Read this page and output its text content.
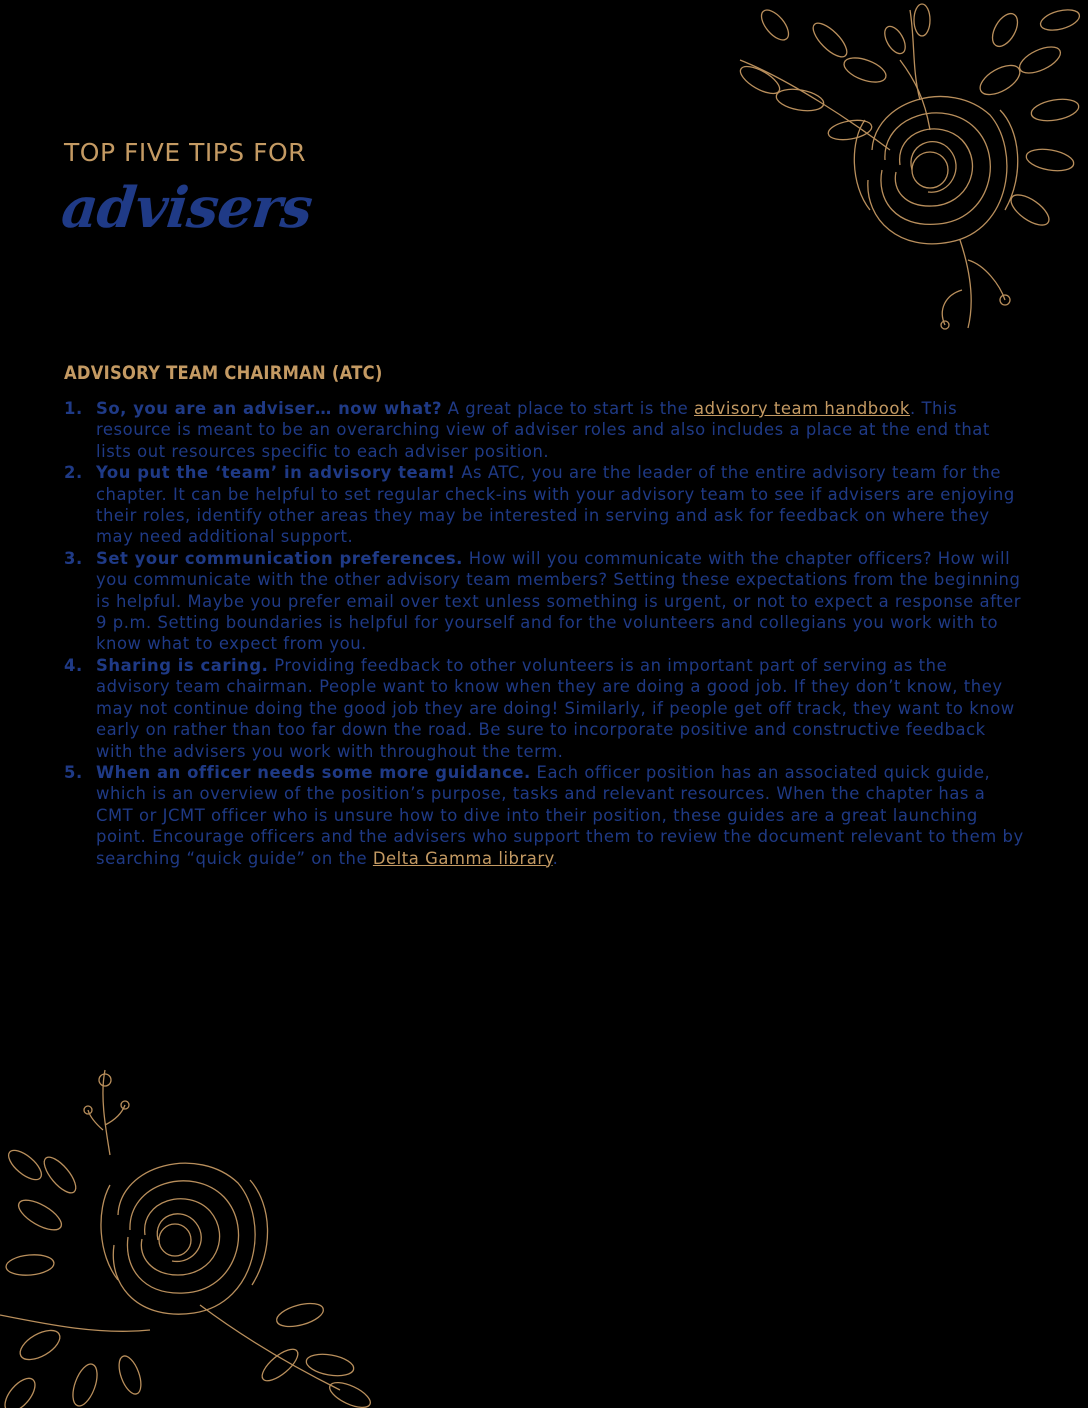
TOP FIVE TIPS FOR
advisers
ADVISORY TEAM CHAIRMAN (ATC)
1. So, you are an adviser… now what? A great place to start is the advisory team handbook. This resource is meant to be an overarching view of adviser roles and also includes a place at the end that lists out resources specific to each adviser position.
2. You put the ‘team’ in advisory team! As ATC, you are the leader of the entire advisory team for the chapter. It can be helpful to set regular check-ins with your advisory team to see if advisers are enjoying their roles, identify other areas they may be interested in serving and ask for feedback on where they may need additional support.
3. Set your communication preferences. How will you communicate with the chapter officers? How will you communicate with the other advisory team members? Setting these expectations from the beginning is helpful. Maybe you prefer email over text unless something is urgent, or not to expect a response after 9 p.m. Setting boundaries is helpful for yourself and for the volunteers and collegians you work with to know what to expect from you.
4. Sharing is caring. Providing feedback to other volunteers is an important part of serving as the advisory team chairman. People want to know when they are doing a good job. If they don’t know, they may not continue doing the good job they are doing! Similarly, if people get off track, they want to know early on rather than too far down the road. Be sure to incorporate positive and constructive feedback with the advisers you work with throughout the term.
5. When an officer needs some more guidance. Each officer position has an associated quick guide, which is an overview of the position’s purpose, tasks and relevant resources. When the chapter has a CMT or JCMT officer who is unsure how to dive into their position, these guides are a great launching point. Encourage officers and the advisers who support them to review the document relevant to them by searching “quick guide” on the Delta Gamma library.
